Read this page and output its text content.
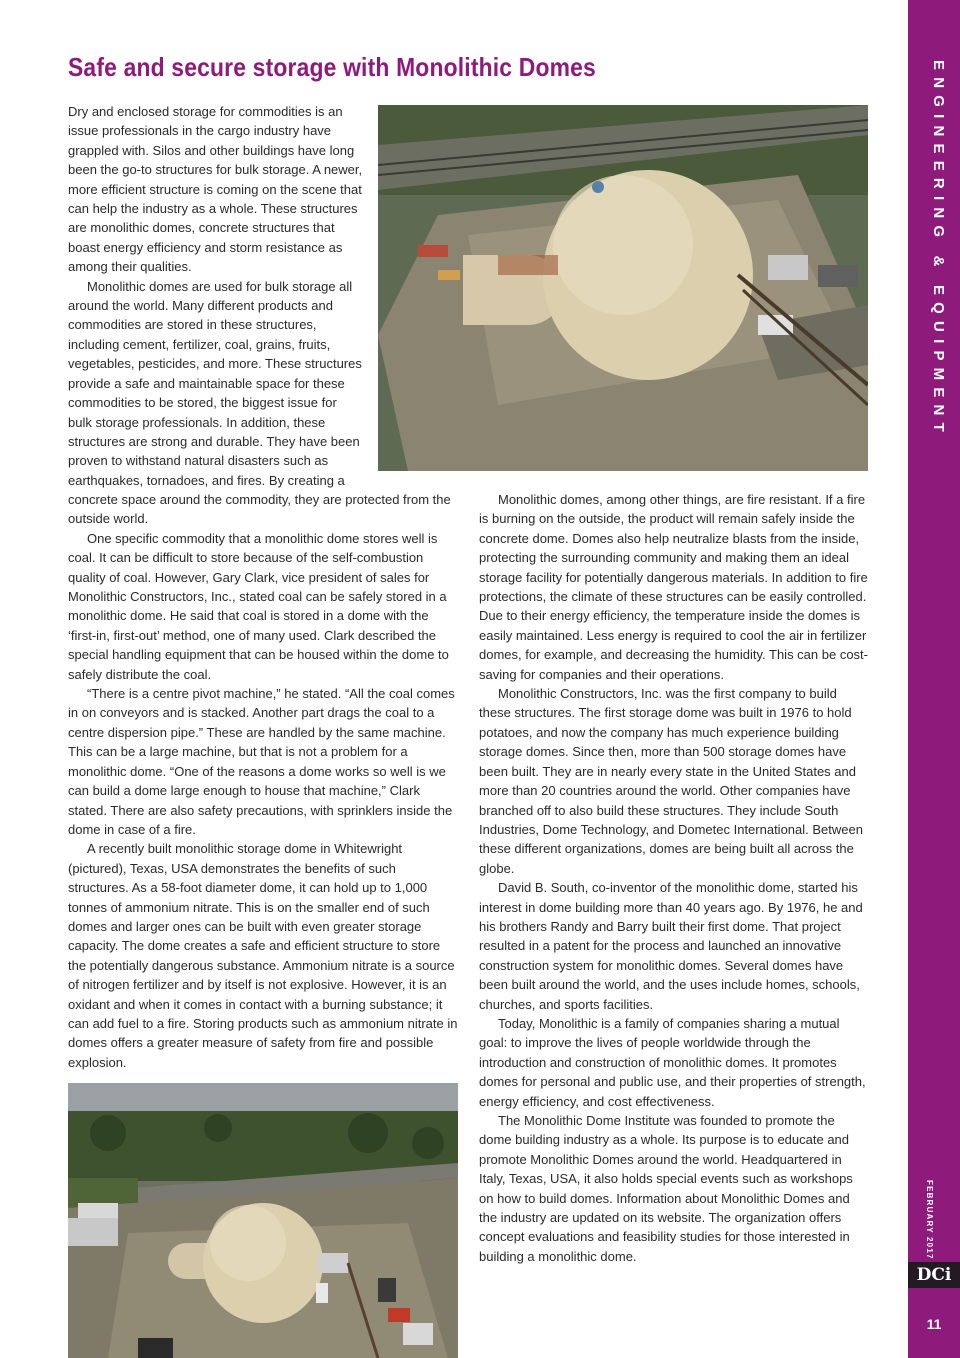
Safe and secure storage with Monolithic Domes

Dry and enclosed storage for commodities is an issue professionals in the cargo industry have grappled with. Silos and other buildings have long been the go-to structures for bulk storage. A newer, more efficient structure is coming on the scene that can help the industry as a whole. These structures are monolithic domes, concrete structures that boast energy efficiency and storm resistance as among their qualities.

Monolithic domes are used for bulk storage all around the world. Many different products and commodities are stored in these structures, including cement, fertilizer, coal, grains, fruits, vegetables, pesticides, and more. These structures provide a safe and maintainable space for these commodities to be stored, the biggest issue for bulk storage professionals. In addition, these structures are strong and durable. They have been proven to withstand natural disasters such as earthquakes, tornadoes, and fires. By creating a

concrete space around the commodity, they are protected from the outside world.

One specific commodity that a monolithic dome stores well is coal. It can be difficult to store because of the self-combustion quality of coal. However, Gary Clark, vice president of sales for Monolithic Constructors, Inc., stated coal can be safely stored in a monolithic dome. He said that coal is stored in a dome with the ‘first-in, first-out’ method, one of many used. Clark described the special handling equipment that can be housed within the dome to safely distribute the coal.

“There is a centre pivot machine,” he stated. “All the coal comes in on conveyors and is stacked. Another part drags the coal to a centre dispersion pipe.” These are handled by the same machine. This can be a large machine, but that is not a problem for a monolithic dome. “One of the reasons a dome works so well is we can build a dome large enough to house that machine,” Clark stated. There are also safety precautions, with sprinklers inside the dome in case of a fire.

A recently built monolithic storage dome in Whitewright (pictured), Texas, USA demonstrates the benefits of such structures. As a 58-foot diameter dome, it can hold up to 1,000 tonnes of ammonium nitrate. This is on the smaller end of such domes and larger ones can be built with even greater storage capacity. The dome creates a safe and efficient structure to store the potentially dangerous substance. Ammonium nitrate is a source of nitrogen fertilizer and by itself is not explosive. However, it is an oxidant and when it comes in contact with a burning substance; it can add fuel to a fire. Storing products such as ammonium nitrate in domes offers a greater measure of safety from fire and possible explosion.

Monolithic domes, among other things, are fire resistant. If a fire is burning on the outside, the product will remain safely inside the concrete dome. Domes also help neutralize blasts from the inside, protecting the surrounding community and making them an ideal storage facility for potentially dangerous materials. In addition to fire protections, the climate of these structures can be easily controlled. Due to their energy efficiency, the temperature inside the domes is easily maintained. Less energy is required to cool the air in fertilizer domes, for example, and decreasing the humidity. This can be cost-saving for companies and their operations.

Monolithic Constructors, Inc. was the first company to build these structures. The first storage dome was built in 1976 to hold potatoes, and now the company has much experience building storage domes. Since then, more than 500 storage domes have been built. They are in nearly every state in the United States and more than 20 countries around the world. Other companies have branched off to also build these structures. They include South Industries, Dome Technology, and Dometec International. Between these different organizations, domes are being built all across the globe.

David B. South, co-inventor of the monolithic dome, started his interest in dome building more than 40 years ago. By 1976, he and his brothers Randy and Barry built their first dome. That project resulted in a patent for the process and launched an innovative construction system for monolithic domes. Several domes have been built around the world, and the uses include homes, schools, churches, and sports facilities.

Today, Monolithic is a family of companies sharing a mutual goal: to improve the lives of people worldwide through the introduction and construction of monolithic domes. It promotes domes for personal and public use, and their properties of strength, energy efficiency, and cost effectiveness.

The Monolithic Dome Institute was founded to promote the dome building industry as a whole. Its purpose is to educate and promote Monolithic Domes around the world. Headquartered in Italy, Texas, USA, it also holds special events such as workshops on how to build domes. Information about Monolithic Domes and the industry are updated on its website. The organization offers concept evaluations and feasibility studies for those interested in building a monolithic dome.

ENGINEERING & EQUIPMENT
FEBRUARY 2017
DCi
11
